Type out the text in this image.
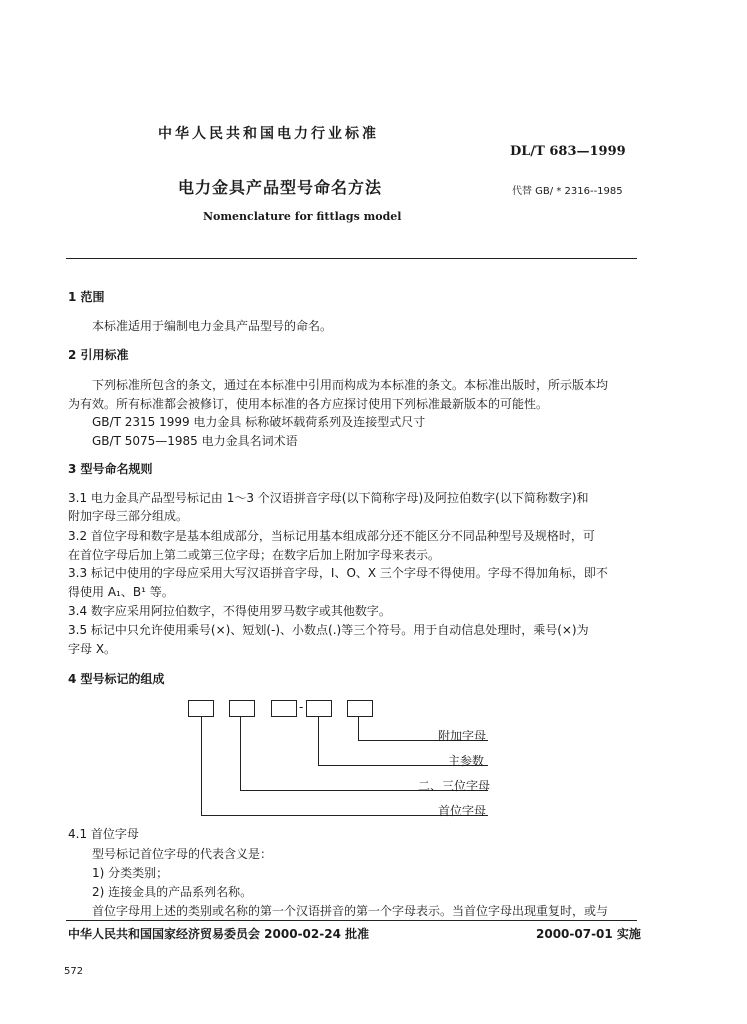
中华人民共和国电力行业标准
DL/T 683—1999
电力金具产品型号命名方法	代替 GB/ * 2316--1985
Nomenclature for fittlags model
1 范围
本标准适用于编制电力金具产品型号的命名。
2 引用标准
下列标准所包含的条文，通过在本标准中引用而构成为本标准的条文。本标准出版时，所示版本均
为有效。所有标准都会被修订，使用本标准的各方应探讨使用下列标准最新版本的可能性。
GB/T 2315 1999 电力金具 标称破坏载荷系列及连接型式尺寸
GB/T 5075—1985 电力金具名词术语
3 型号命名规则
3.1 电力金具产品型号标记由 1～3 个汉语拼音字母(以下简称字母)及阿拉伯数字(以下简称数字)和
附加字母三部分组成。
3.2 首位字母和数字是基本组成部分，当标记用基本组成部分还不能区分不同品种型号及规格时，可
在首位字母后加上第二或第三位字母；在数字后加上附加字母来表示。
3.3 标记中使用的字母应采用大写汉语拼音字母，I、O、X 三个字母不得使用。字母不得加角标，即不
得使用 A₁、B¹ 等。
3.4 数字应采用阿拉伯数字，不得使用罗马数字或其他数字。
3.5 标记中只允许使用乘号(×)、短划(-)、小数点(.)等三个符号。用于自动信息处理时，乘号(×)为
字母 X。
4 型号标记的组成
-
附加字母
主参数
二、三位字母
首位字母
4.1 首位字母
型号标记首位字母的代表含义是：
1) 分类类别；
2) 连接金具的产品系列名称。
首位字母用上述的类别或名称的第一个汉语拼音的第一个字母表示。当首位字母出现重复时，或与
中华人民共和国国家经济贸易委员会 2000-02-24 批准	2000-07-01 实施
572
